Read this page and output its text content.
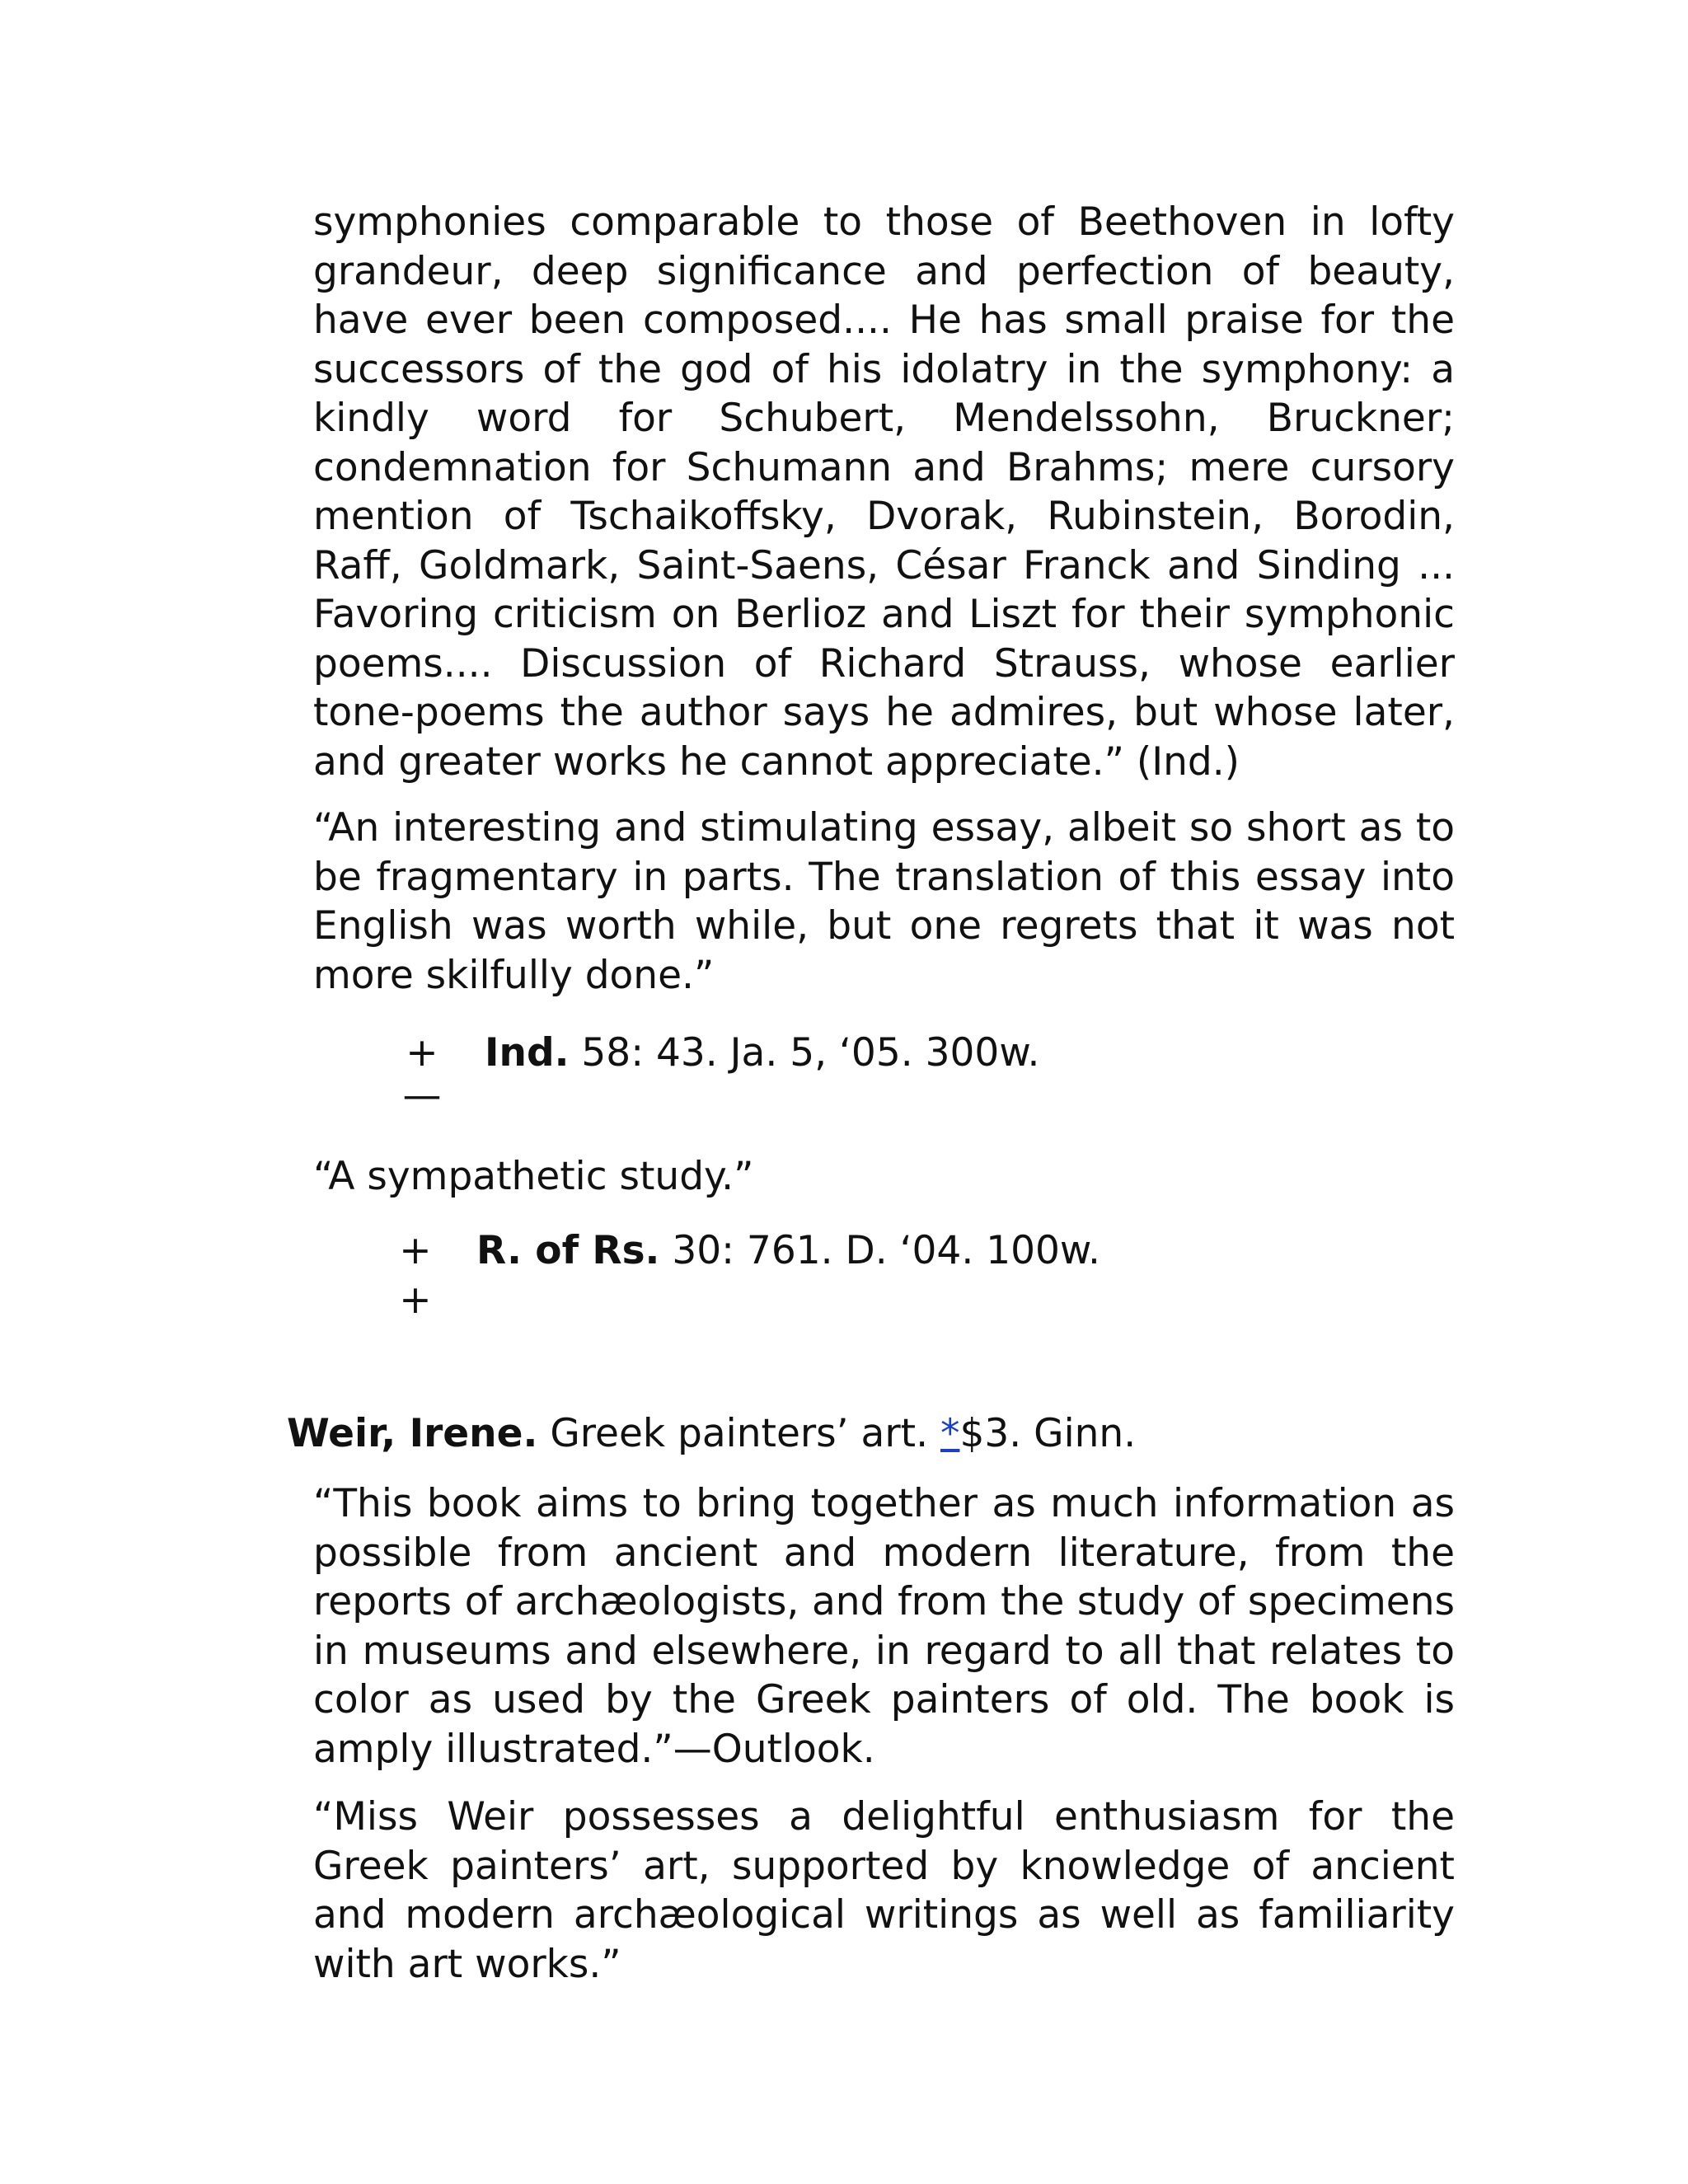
symphonies comparable to those of Beethoven in lofty grandeur, deep significance and perfection of beauty, have ever been composed.... He has small praise for the successors of the god of his idolatry in the symphony: a kindly word for Schubert, Mendelssohn, Bruckner; condemnation for Schumann and Brahms; mere cursory mention of Tschaikoffsky, Dvorak, Rubinstein, Borodin, Raff, Goldmark, Saint-Saens, César Franck and Sinding ... Favoring criticism on Berlioz and Liszt for their symphonic poems.... Discussion of Richard Strauss, whose earlier tone-poems the author says he admires, but whose later, and greater works he cannot appreciate.” (Ind.)

“An interesting and stimulating essay, albeit so short as to be fragmentary in parts. The translation of this essay into English was worth while, but one regrets that it was not more skilfully done.”

+
—
Ind. 58: 43. Ja. 5, ‘05. 300w.

“A sympathetic study.”

+
+
R. of Rs. 30: 761. D. ‘04. 100w.
Weir, Irene. Greek painters’ art. *$3. Ginn.

“This book aims to bring together as much information as possible from ancient and modern literature, from the reports of archæologists, and from the study of specimens in museums and elsewhere, in regard to all that relates to color as used by the Greek painters of old. The book is amply illustrated.”—Outlook.

“Miss Weir possesses a delightful enthusiasm for the Greek painters’ art, supported by knowledge of ancient and modern archæological writings as well as familiarity with art works.”
